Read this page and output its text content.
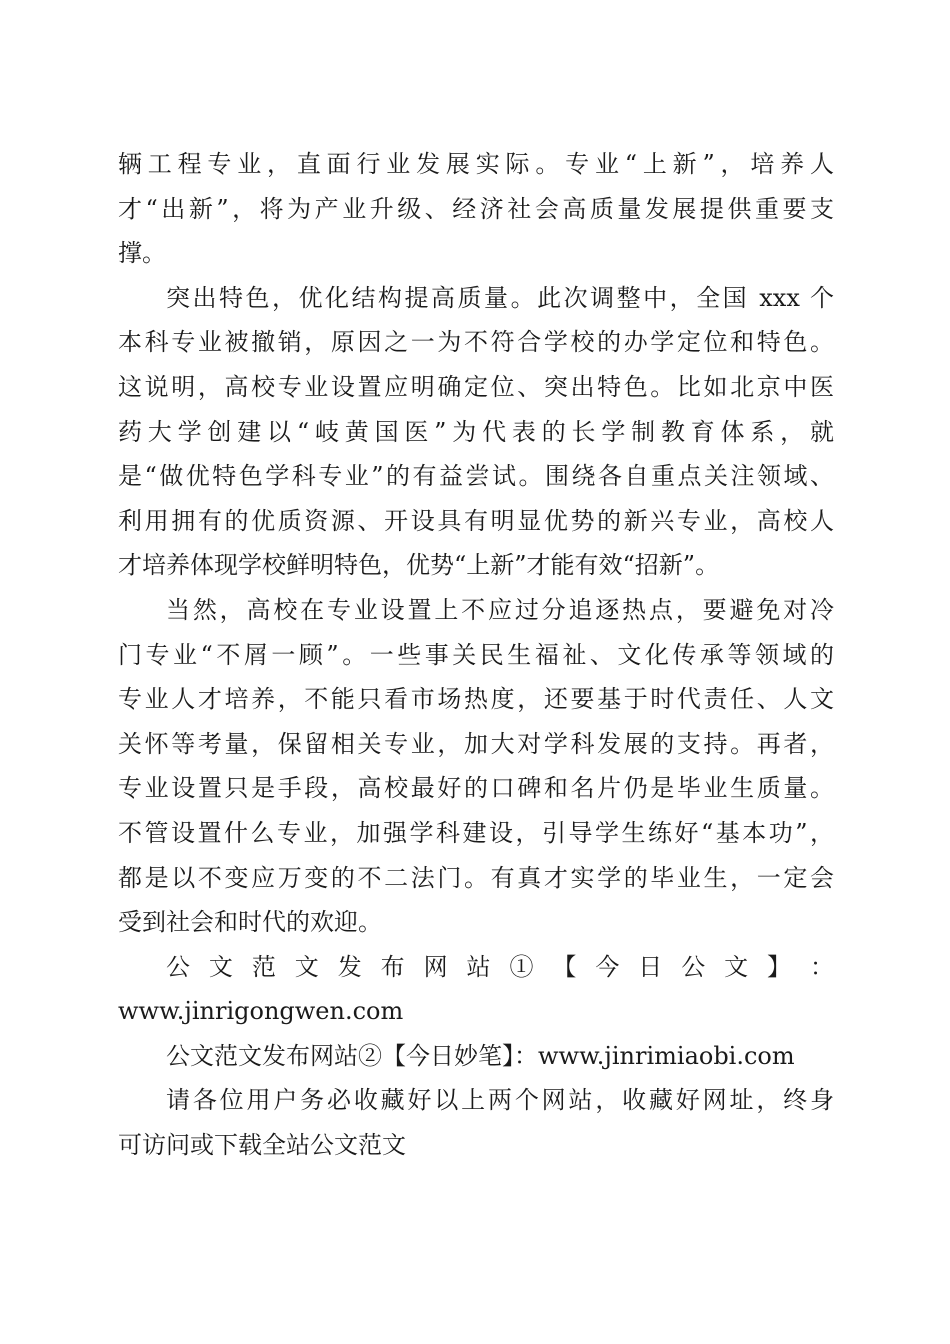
辆工程专业，直面行业发展实际。专业“上新”，培养人
才“出新”，将为产业升级、经济社会高质量发展提供重要支
撑。
突出特色，优化结构提高质量。此次调整中，全国 xxx 个
本科专业被撤销，原因之一为不符合学校的办学定位和特色。
这说明，高校专业设置应明确定位、突出特色。比如北京中医
药大学创建以“岐黄国医”为代表的长学制教育体系，就
是“做优特色学科专业”的有益尝试。围绕各自重点关注领域、
利用拥有的优质资源、开设具有明显优势的新兴专业，高校人
才培养体现学校鲜明特色，优势“上新”才能有效“招新”。
当然，高校在专业设置上不应过分追逐热点，要避免对冷
门专业“不屑一顾”。一些事关民生福祉、文化传承等领域的
专业人才培养，不能只看市场热度，还要基于时代责任、人文
关怀等考量，保留相关专业，加大对学科发展的支持。再者，
专业设置只是手段，高校最好的口碑和名片仍是毕业生质量。
不管设置什么专业，加强学科建设，引导学生练好“基本功”，
都是以不变应万变的不二法门。有真才实学的毕业生，一定会
受到社会和时代的欢迎。
公 文 范 文 发 布 网 站 ① 【 今 日 公 文 】 ：
www.jinrigongwen.com
公文范文发布网站②【今日妙笔】：www.jinrimiaobi.com
请各位用户务必收藏好以上两个网站，收藏好网址，终身
可访问或下载全站公文范文
